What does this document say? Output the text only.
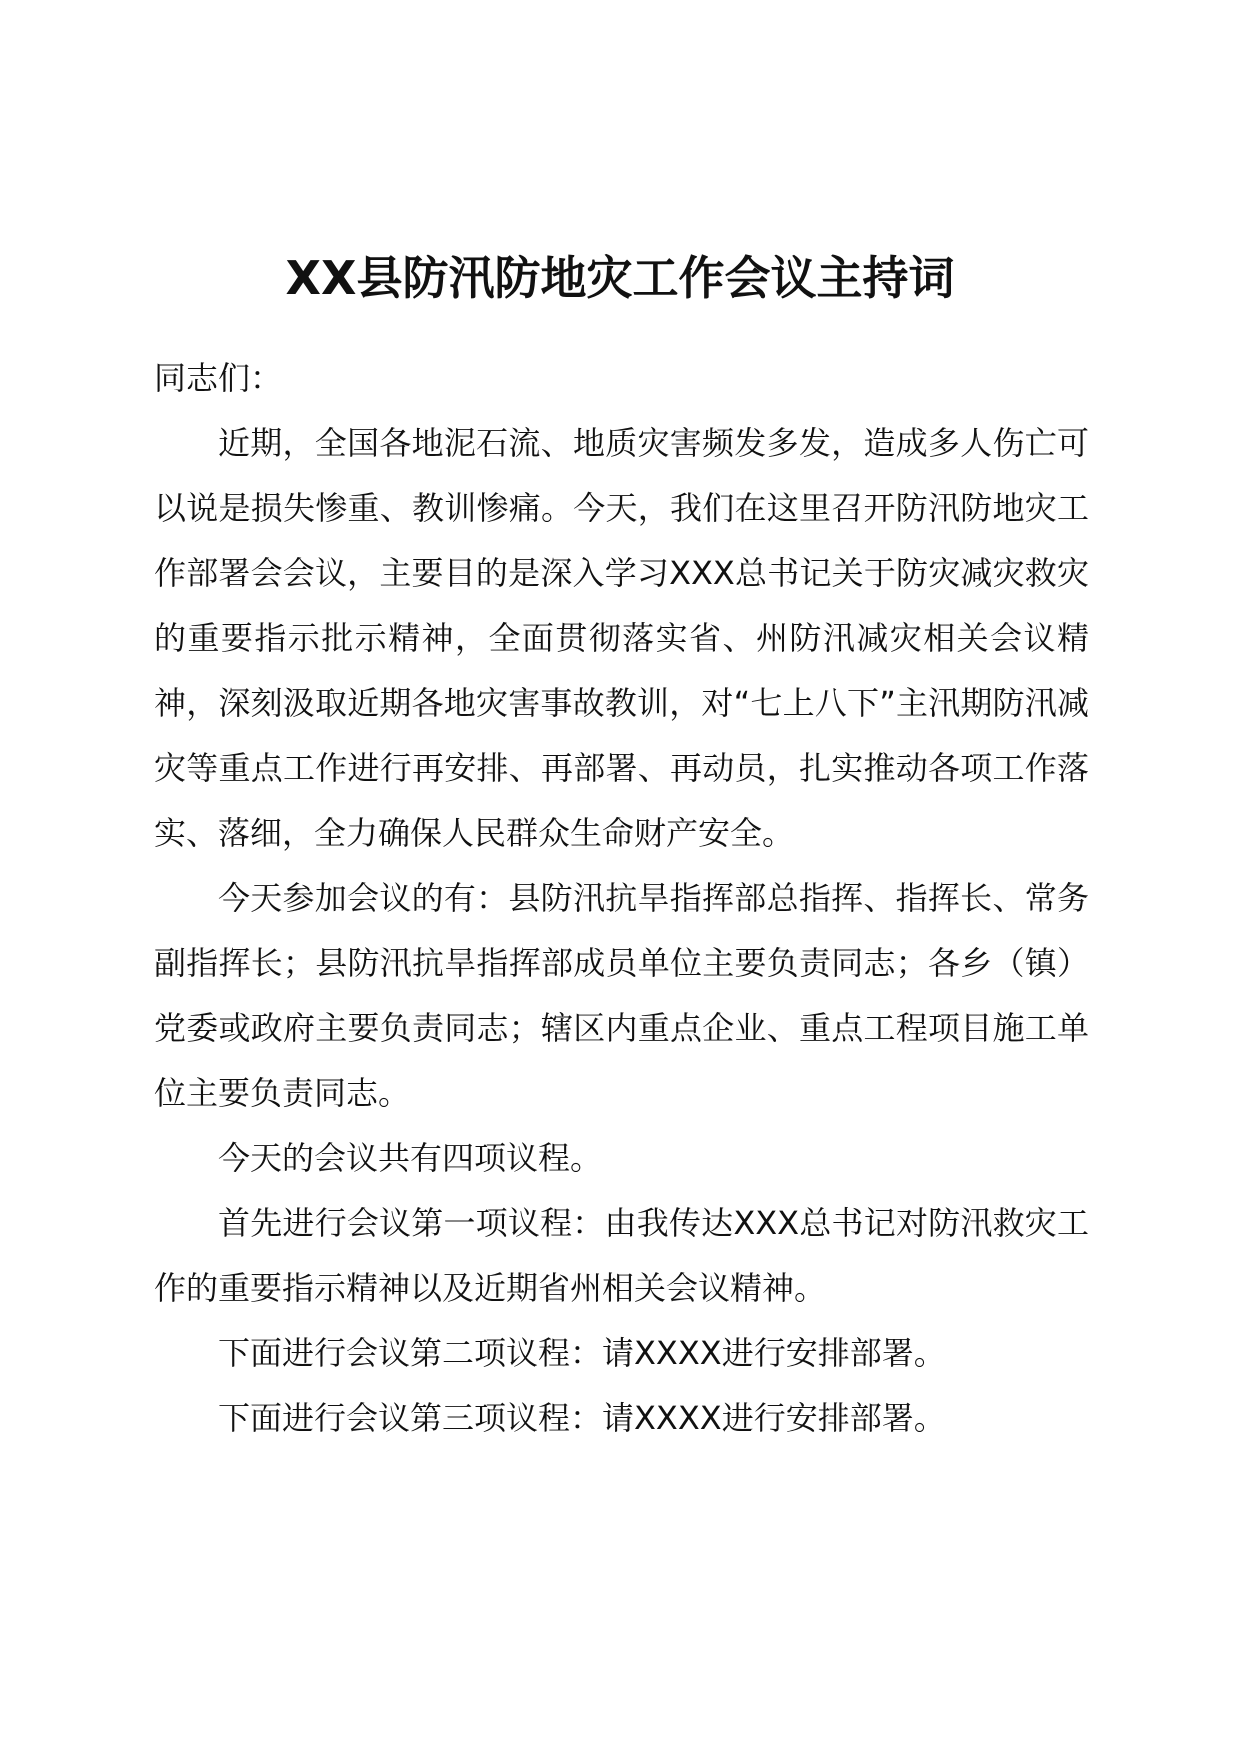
XX县防汛防地灾工作会议主持词

同志们：

近期，全国各地泥石流、地质灾害频发多发，造成多人伤亡可以说是损失惨重、教训惨痛。今天，我们在这里召开防汛防地灾工作部署会会议，主要目的是深入学习XXX总书记关于防灾减灾救灾的重要指示批示精神，全面贯彻落实省、州防汛减灾相关会议精神，深刻汲取近期各地灾害事故教训，对“七上八下”主汛期防汛减灾等重点工作进行再安排、再部署、再动员，扎实推动各项工作落实、落细，全力确保人民群众生命财产安全。

今天参加会议的有：县防汛抗旱指挥部总指挥、指挥长、常务副指挥长；县防汛抗旱指挥部成员单位主要负责同志；各乡（镇）党委或政府主要负责同志；辖区内重点企业、重点工程项目施工单位主要负责同志。

今天的会议共有四项议程。

首先进行会议第一项议程：由我传达XXX总书记对防汛救灾工作的重要指示精神以及近期省州相关会议精神。

下面进行会议第二项议程：请XXXX进行安排部署。

下面进行会议第三项议程：请XXXX进行安排部署。
